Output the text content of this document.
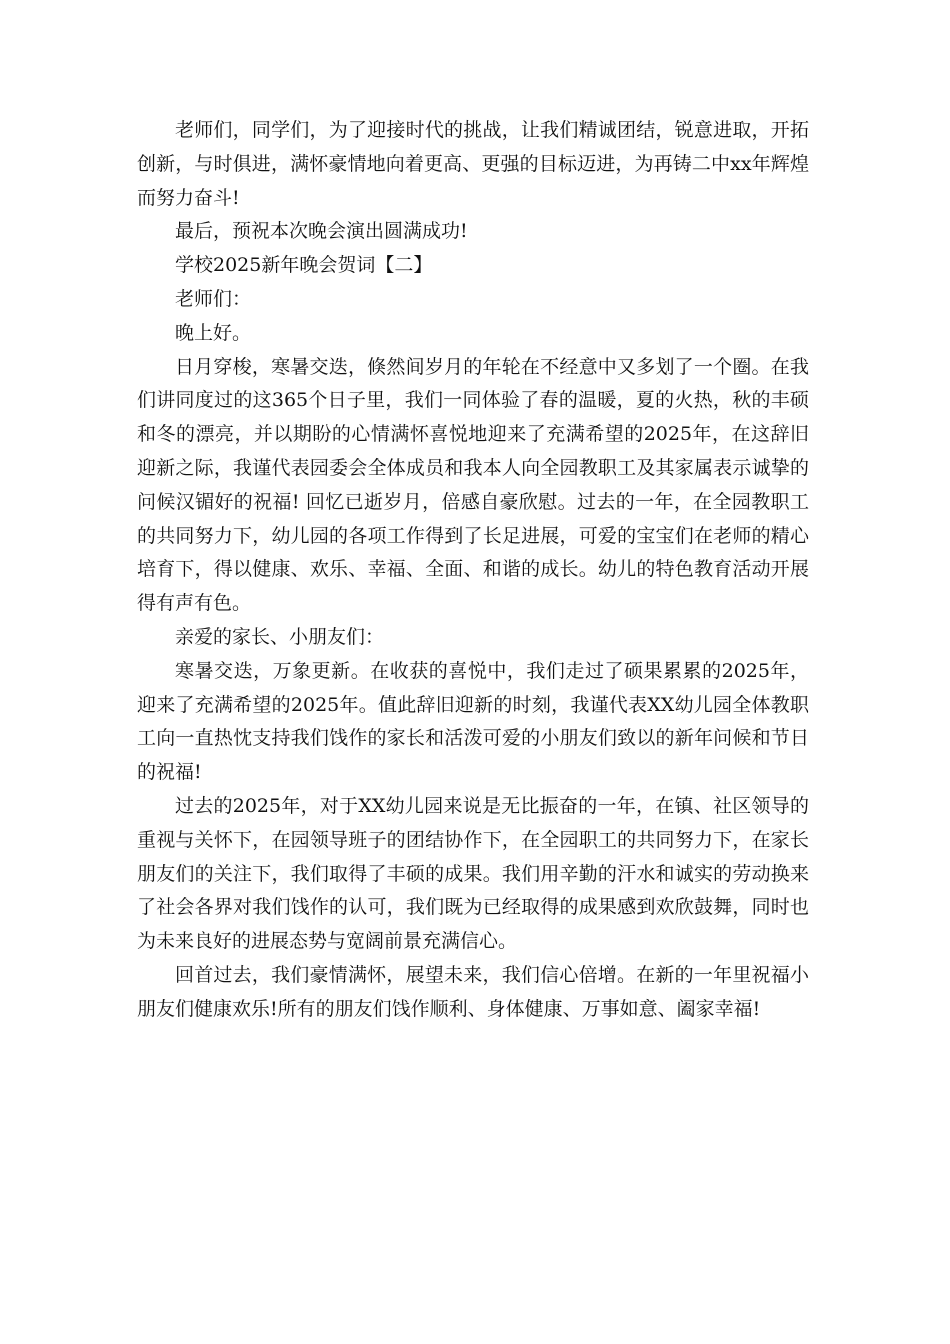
老师们，同学们，为了迎接时代的挑战，让我们精诚团结，锐意进取，开拓创新，与时俱进，满怀豪情地向着更高、更强的目标迈进，为再铸二中xx年辉煌而努力奋斗!

最后，预祝本次晚会演出圆满成功!

学校2025新年晚会贺词【二】

老师们：

晚上好。

日月穿梭，寒暑交迭，倏然间岁月的年轮在不经意中又多划了一个圈。在我们讲同度过的这365个日子里，我们一同体验了春的温暖，夏的火热，秋的丰硕和冬的漂亮，并以期盼的心情满怀喜悦地迎来了充满希望的2025年，在这辞旧迎新之际，我谨代表园委会全体成员和我本人向全园教职工及其家属表示诚挚的问候汉镅好的祝福! 回忆已逝岁月，倍感自豪欣慰。过去的一年，在全园教职工的共同努力下，幼儿园的各项工作得到了长足进展，可爱的宝宝们在老师的精心培育下，得以健康、欢乐、幸福、全面、和谐的成长。幼儿的特色教育活动开展得有声有色。

亲爱的家长、小朋友们：

寒暑交迭，万象更新。在收获的喜悦中，我们走过了硕果累累的2025年，迎来了充满希望的2025年。值此辞旧迎新的时刻，我谨代表XX幼儿园全体教职工向一直热忱支持我们饯作的家长和活泼可爱的小朋友们致以的新年问候和节日的祝福!

过去的2025年，对于XX幼儿园来说是无比振奋的一年，在镇、社区领导的重视与关怀下，在园领导班子的团结协作下，在全园职工的共同努力下，在家长朋友们的关注下，我们取得了丰硕的成果。我们用辛勤的汗水和诚实的劳动换来了社会各界对我们饯作的认可，我们既为已经取得的成果感到欢欣鼓舞，同时也为未来良好的进展态势与宽阔前景充满信心。

回首过去，我们豪情满怀，展望未来，我们信心倍增。在新的一年里祝福小朋友们健康欢乐!所有的朋友们饯作顺利、身体健康、万事如意、阖家幸福!
